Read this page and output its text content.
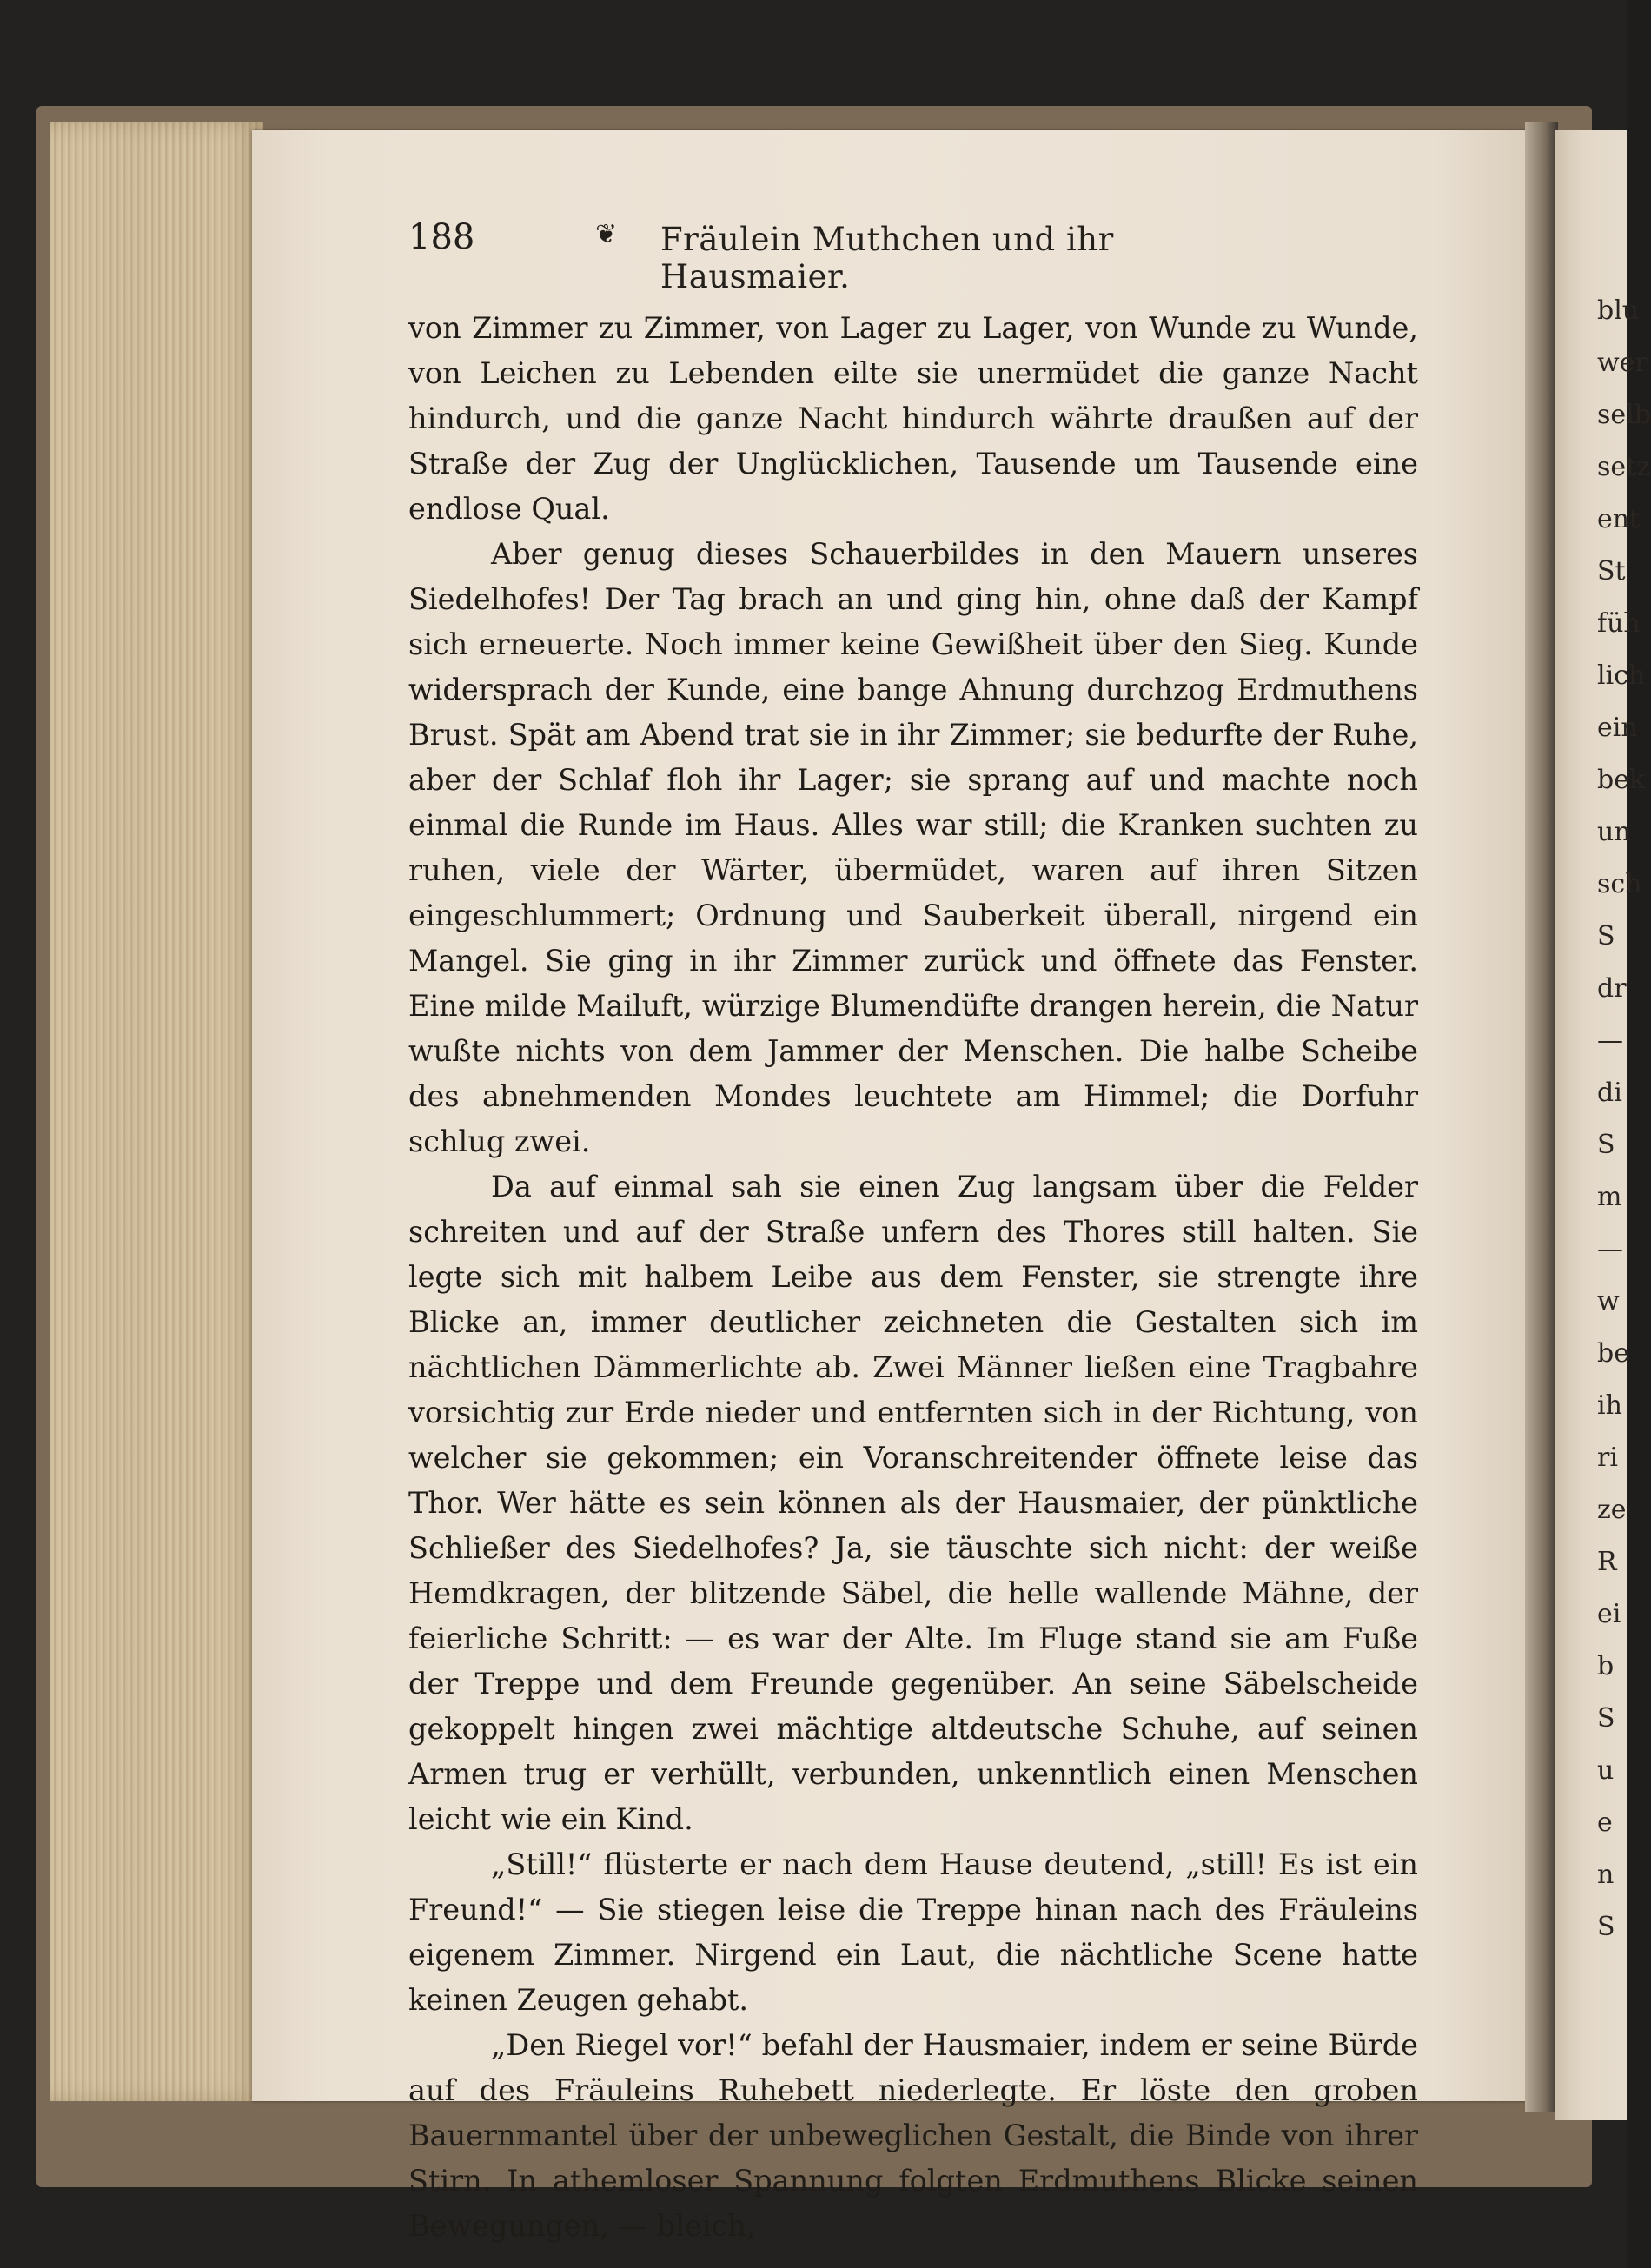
blu
wer
selb
setz
ent
St
füh
lich
ein
bek
un
sch
S
dr
—
di
S
m
—
w
be
ih
ri
ze
R
ei
b
S
u
e
n
S
188	❦ Fräulein Muthchen und ihr Hausmaier.

von Zimmer zu Zimmer, von Lager zu Lager, von Wunde zu Wunde, von Leichen zu Lebenden eilte sie unermüdet die ganze Nacht hindurch, und die ganze Nacht hindurch währte draußen auf der Straße der Zug der Unglücklichen, Tausende um Tausende eine endlose Qual.

Aber genug dieses Schauerbildes in den Mauern unseres Siedelhofes! Der Tag brach an und ging hin, ohne daß der Kampf sich erneuerte. Noch immer keine Gewißheit über den Sieg. Kunde widersprach der Kunde, eine bange Ahnung durchzog Erdmuthens Brust. Spät am Abend trat sie in ihr Zimmer; sie bedurfte der Ruhe, aber der Schlaf floh ihr Lager; sie sprang auf und machte noch einmal die Runde im Haus. Alles war still; die Kranken suchten zu ruhen, viele der Wärter, übermüdet, waren auf ihren Sitzen eingeschlummert; Ordnung und Sauberkeit überall, nirgend ein Mangel. Sie ging in ihr Zimmer zurück und öffnete das Fenster. Eine milde Mailuft, würzige Blumendüfte drangen herein, die Natur wußte nichts von dem Jammer der Menschen. Die halbe Scheibe des abnehmenden Mondes leuchtete am Himmel; die Dorfuhr schlug zwei.

Da auf einmal sah sie einen Zug langsam über die Felder schreiten und auf der Straße unfern des Thores still halten. Sie legte sich mit halbem Leibe aus dem Fenster, sie strengte ihre Blicke an, immer deutlicher zeichneten die Gestalten sich im nächtlichen Dämmerlichte ab. Zwei Männer ließen eine Tragbahre vorsichtig zur Erde nieder und entfernten sich in der Richtung, von welcher sie gekommen; ein Voranschreitender öffnete leise das Thor. Wer hätte es sein können als der Hausmaier, der pünktliche Schließer des Siedelhofes? Ja, sie täuschte sich nicht: der weiße Hemdkragen, der blitzende Säbel, die helle wallende Mähne, der feierliche Schritt: — es war der Alte. Im Fluge stand sie am Fuße der Treppe und dem Freunde gegenüber. An seine Säbelscheide gekoppelt hingen zwei mächtige altdeutsche Schuhe, auf seinen Armen trug er verhüllt, verbunden, unkenntlich einen Menschen leicht wie ein Kind.

„Still!“ flüsterte er nach dem Hause deutend, „still! Es ist ein Freund!“ — Sie stiegen leise die Treppe hinan nach des Fräuleins eigenem Zimmer. Nirgend ein Laut, die nächtliche Scene hatte keinen Zeugen gehabt.

„Den Riegel vor!“ befahl der Hausmaier, indem er seine Bürde auf des Fräuleins Ruhebett niederlegte. Er löste den groben Bauernmantel über der unbeweglichen Gestalt, die Binde von ihrer Stirn. In athemloser Spannung folgten Erdmuthens Blicke seinen Bewegungen, — bleich,
